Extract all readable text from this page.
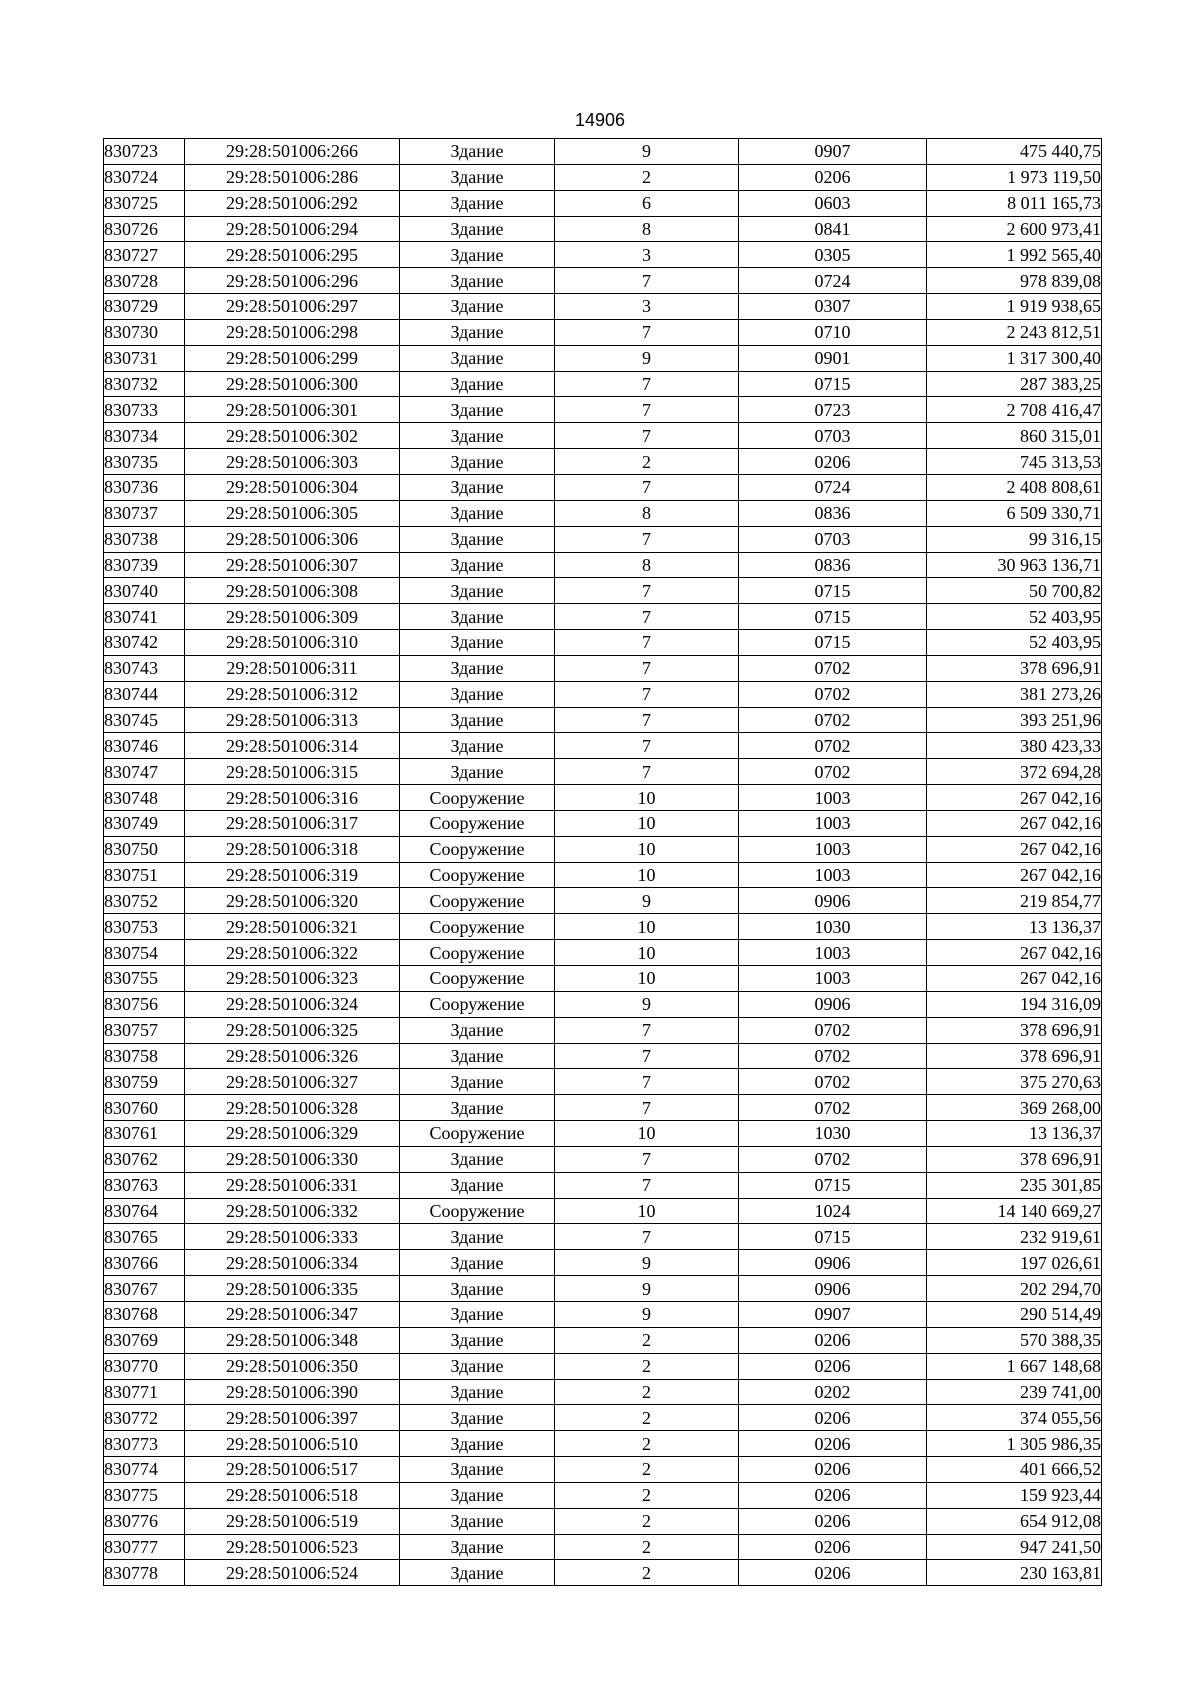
14906
830723	29:28:501006:266	Здание	9	0907	475 440,75
830724	29:28:501006:286	Здание	2	0206	1 973 119,50
830725	29:28:501006:292	Здание	6	0603	8 011 165,73
830726	29:28:501006:294	Здание	8	0841	2 600 973,41
830727	29:28:501006:295	Здание	3	0305	1 992 565,40
830728	29:28:501006:296	Здание	7	0724	978 839,08
830729	29:28:501006:297	Здание	3	0307	1 919 938,65
830730	29:28:501006:298	Здание	7	0710	2 243 812,51
830731	29:28:501006:299	Здание	9	0901	1 317 300,40
830732	29:28:501006:300	Здание	7	0715	287 383,25
830733	29:28:501006:301	Здание	7	0723	2 708 416,47
830734	29:28:501006:302	Здание	7	0703	860 315,01
830735	29:28:501006:303	Здание	2	0206	745 313,53
830736	29:28:501006:304	Здание	7	0724	2 408 808,61
830737	29:28:501006:305	Здание	8	0836	6 509 330,71
830738	29:28:501006:306	Здание	7	0703	99 316,15
830739	29:28:501006:307	Здание	8	0836	30 963 136,71
830740	29:28:501006:308	Здание	7	0715	50 700,82
830741	29:28:501006:309	Здание	7	0715	52 403,95
830742	29:28:501006:310	Здание	7	0715	52 403,95
830743	29:28:501006:311	Здание	7	0702	378 696,91
830744	29:28:501006:312	Здание	7	0702	381 273,26
830745	29:28:501006:313	Здание	7	0702	393 251,96
830746	29:28:501006:314	Здание	7	0702	380 423,33
830747	29:28:501006:315	Здание	7	0702	372 694,28
830748	29:28:501006:316	Сооружение	10	1003	267 042,16
830749	29:28:501006:317	Сооружение	10	1003	267 042,16
830750	29:28:501006:318	Сооружение	10	1003	267 042,16
830751	29:28:501006:319	Сооружение	10	1003	267 042,16
830752	29:28:501006:320	Сооружение	9	0906	219 854,77
830753	29:28:501006:321	Сооружение	10	1030	13 136,37
830754	29:28:501006:322	Сооружение	10	1003	267 042,16
830755	29:28:501006:323	Сооружение	10	1003	267 042,16
830756	29:28:501006:324	Сооружение	9	0906	194 316,09
830757	29:28:501006:325	Здание	7	0702	378 696,91
830758	29:28:501006:326	Здание	7	0702	378 696,91
830759	29:28:501006:327	Здание	7	0702	375 270,63
830760	29:28:501006:328	Здание	7	0702	369 268,00
830761	29:28:501006:329	Сооружение	10	1030	13 136,37
830762	29:28:501006:330	Здание	7	0702	378 696,91
830763	29:28:501006:331	Здание	7	0715	235 301,85
830764	29:28:501006:332	Сооружение	10	1024	14 140 669,27
830765	29:28:501006:333	Здание	7	0715	232 919,61
830766	29:28:501006:334	Здание	9	0906	197 026,61
830767	29:28:501006:335	Здание	9	0906	202 294,70
830768	29:28:501006:347	Здание	9	0907	290 514,49
830769	29:28:501006:348	Здание	2	0206	570 388,35
830770	29:28:501006:350	Здание	2	0206	1 667 148,68
830771	29:28:501006:390	Здание	2	0202	239 741,00
830772	29:28:501006:397	Здание	2	0206	374 055,56
830773	29:28:501006:510	Здание	2	0206	1 305 986,35
830774	29:28:501006:517	Здание	2	0206	401 666,52
830775	29:28:501006:518	Здание	2	0206	159 923,44
830776	29:28:501006:519	Здание	2	0206	654 912,08
830777	29:28:501006:523	Здание	2	0206	947 241,50
830778	29:28:501006:524	Здание	2	0206	230 163,81
